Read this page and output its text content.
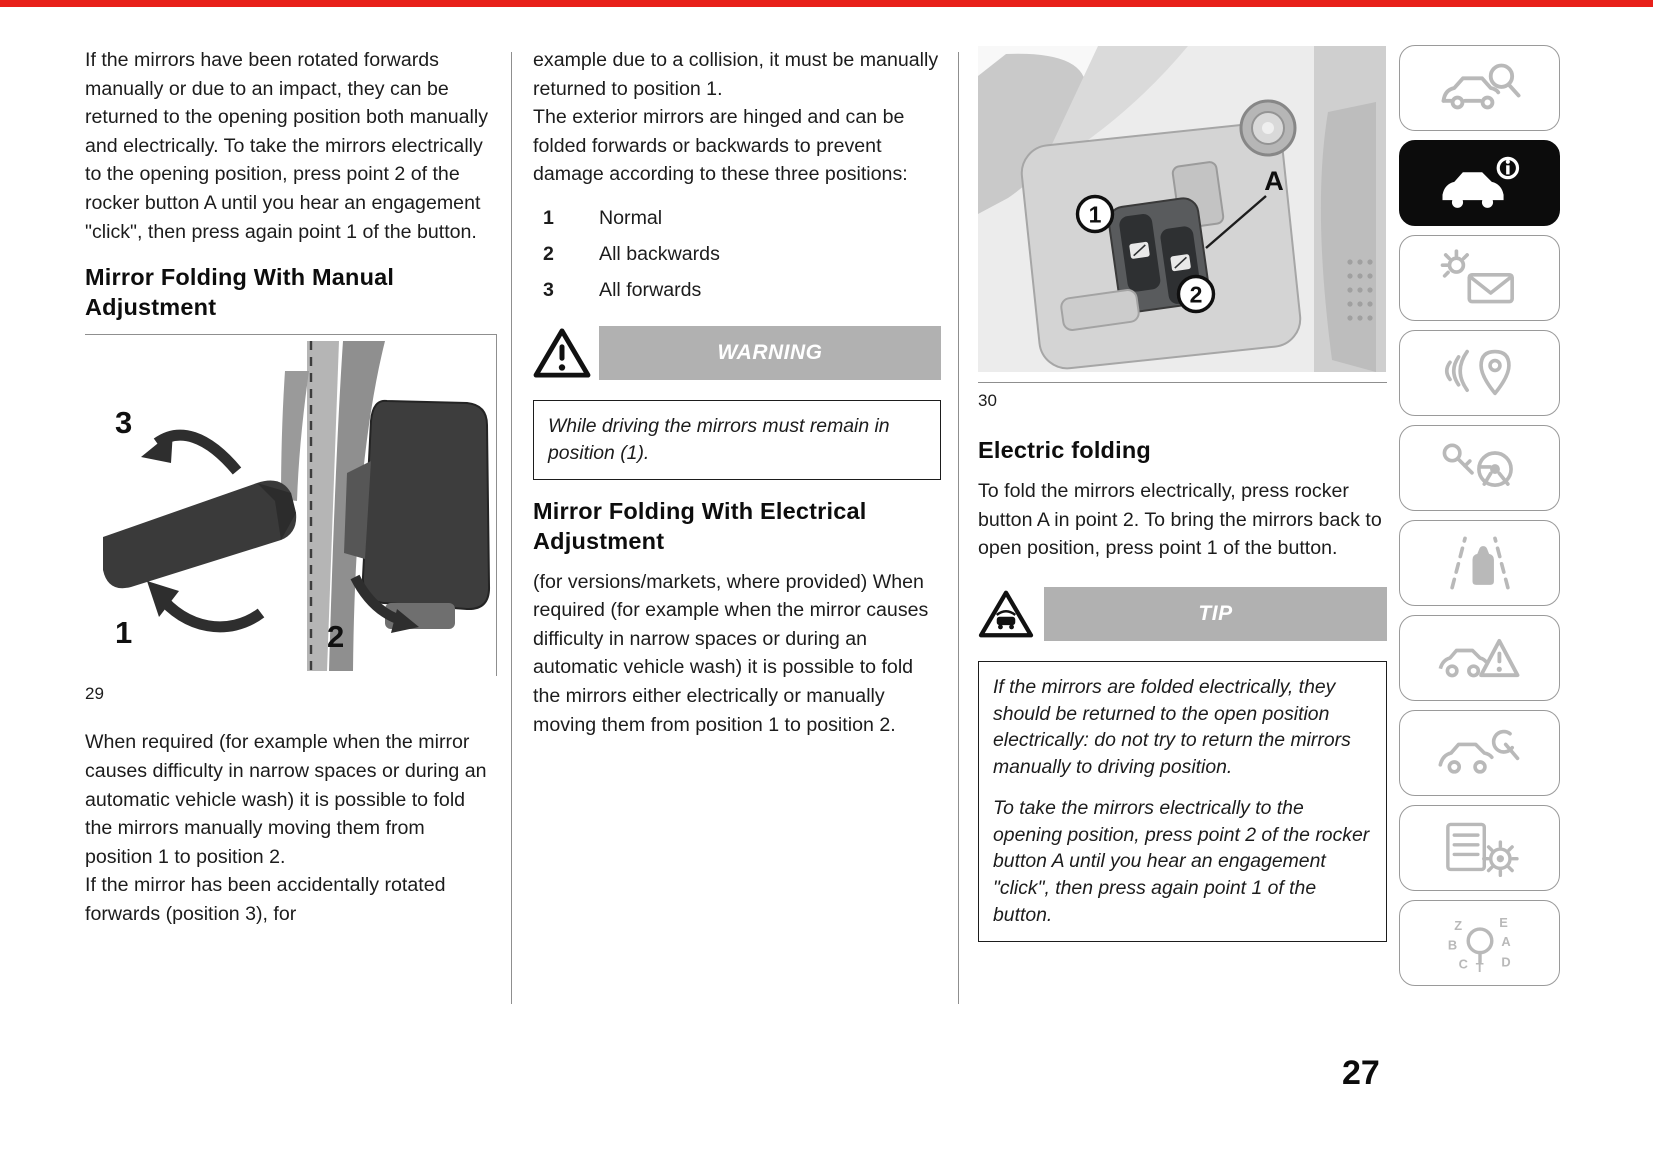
If the mirrors have been rotated forwards manually or due to an impact, they can be returned to the opening position both manually and electrically. To take the mirrors electrically to the opening position, press point 2 of the rocker button A until you hear an engagement "click", then press again point 1 of the button.

Mirror Folding With Manual Adjustment
3
1	2
29

When required (for example when the mirror causes difficulty in narrow spaces or during an automatic vehicle wash) it is possible to fold the mirrors manually moving them from position 1 to position 2.

If the mirror has been accidentally rotated forwards (position 3), for

example due to a collision, it must be manually returned to position 1.

The exterior mirrors are hinged and can be folded forwards or backwards to prevent damage according to these three positions:

1	Normal
2	All backwards
3	All forwards
WARNING

While driving the mirrors must remain in position (1).

Mirror Folding With Electrical Adjustment

(for versions/markets, where provided) When required (for example when the mirror causes difficulty in narrow spaces or during an automatic vehicle wash) it is possible to fold the mirrors either electrically or manually moving them from position 1 to position 2.

1
2
A
30
Electric folding

To fold the mirrors electrically, press rocker button A in point 2. To bring the mirrors back to open position, press point 1 of the button.

TIP

If the mirrors are folded electrically, they should be returned to the open position electrically: do not try to return the mirrors manually to driving position.

To take the mirrors electrically to the opening position, press point 2 of the rocker button A until you hear an engagement "click", then press again point 1 of the button.	Z	E
B	A
C T D
27
